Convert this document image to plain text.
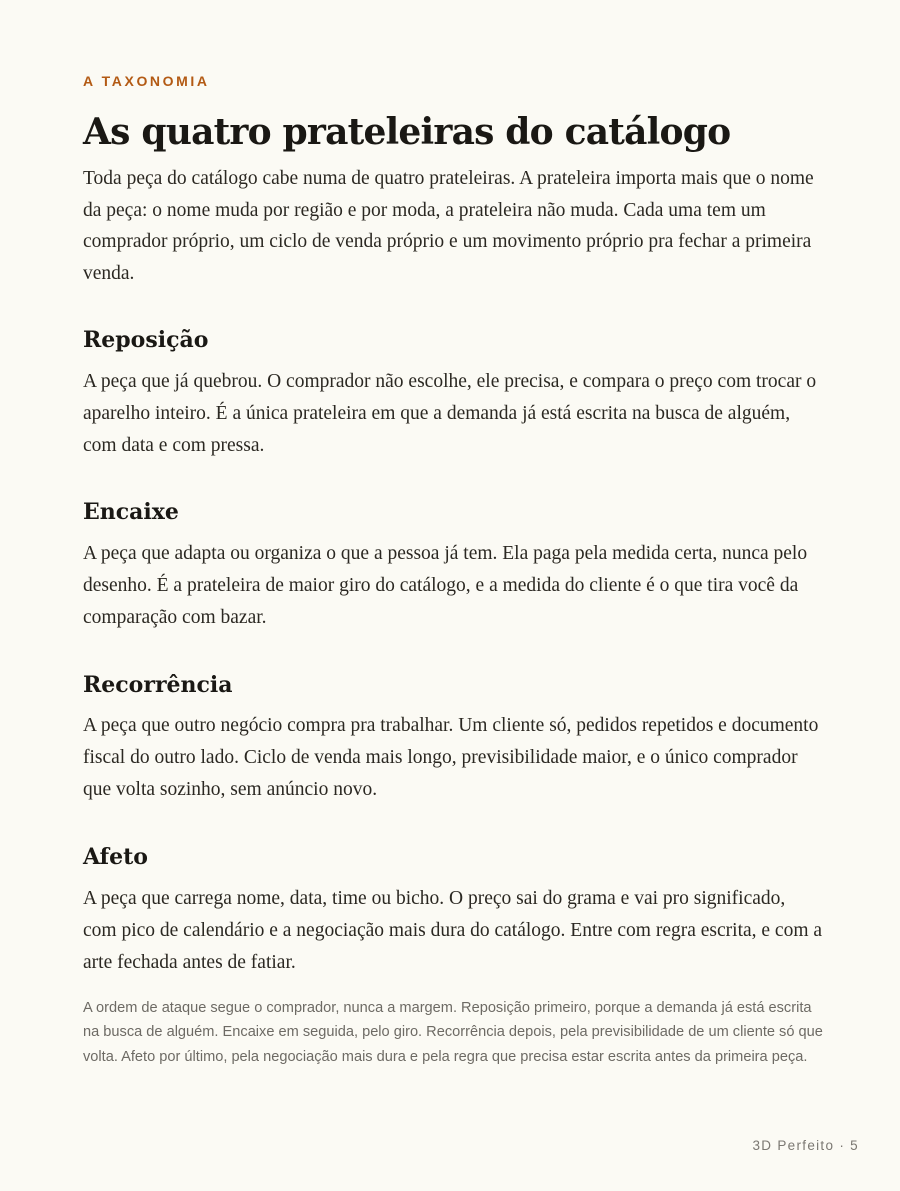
A TAXONOMIA

As quatro prateleiras do catálogo

Toda peça do catálogo cabe numa de quatro prateleiras. A prateleira importa mais que o nome da peça: o nome muda por região e por moda, a prateleira não muda. Cada uma tem um comprador próprio, um ciclo de venda próprio e um movimento próprio pra fechar a primeira venda.

Reposição

A peça que já quebrou. O comprador não escolhe, ele precisa, e compara o preço com trocar o aparelho inteiro. É a única prateleira em que a demanda já está escrita na busca de alguém, com data e com pressa.

Encaixe

A peça que adapta ou organiza o que a pessoa já tem. Ela paga pela medida certa, nunca pelo desenho. É a prateleira de maior giro do catálogo, e a medida do cliente é o que tira você da comparação com bazar.

Recorrência

A peça que outro negócio compra pra trabalhar. Um cliente só, pedidos repetidos e documento fiscal do outro lado. Ciclo de venda mais longo, previsibilidade maior, e o único comprador que volta sozinho, sem anúncio novo.

Afeto

A peça que carrega nome, data, time ou bicho. O preço sai do grama e vai pro significado, com pico de calendário e a negociação mais dura do catálogo. Entre com regra escrita, e com a arte fechada antes de fatiar.

A ordem de ataque segue o comprador, nunca a margem. Reposição primeiro, porque a demanda já está escrita na busca de alguém. Encaixe em seguida, pelo giro. Recorrência depois, pela previsibilidade de um cliente só que volta. Afeto por último, pela negociação mais dura e pela regra que precisa estar escrita antes da primeira peça.

3D Perfeito · 5
